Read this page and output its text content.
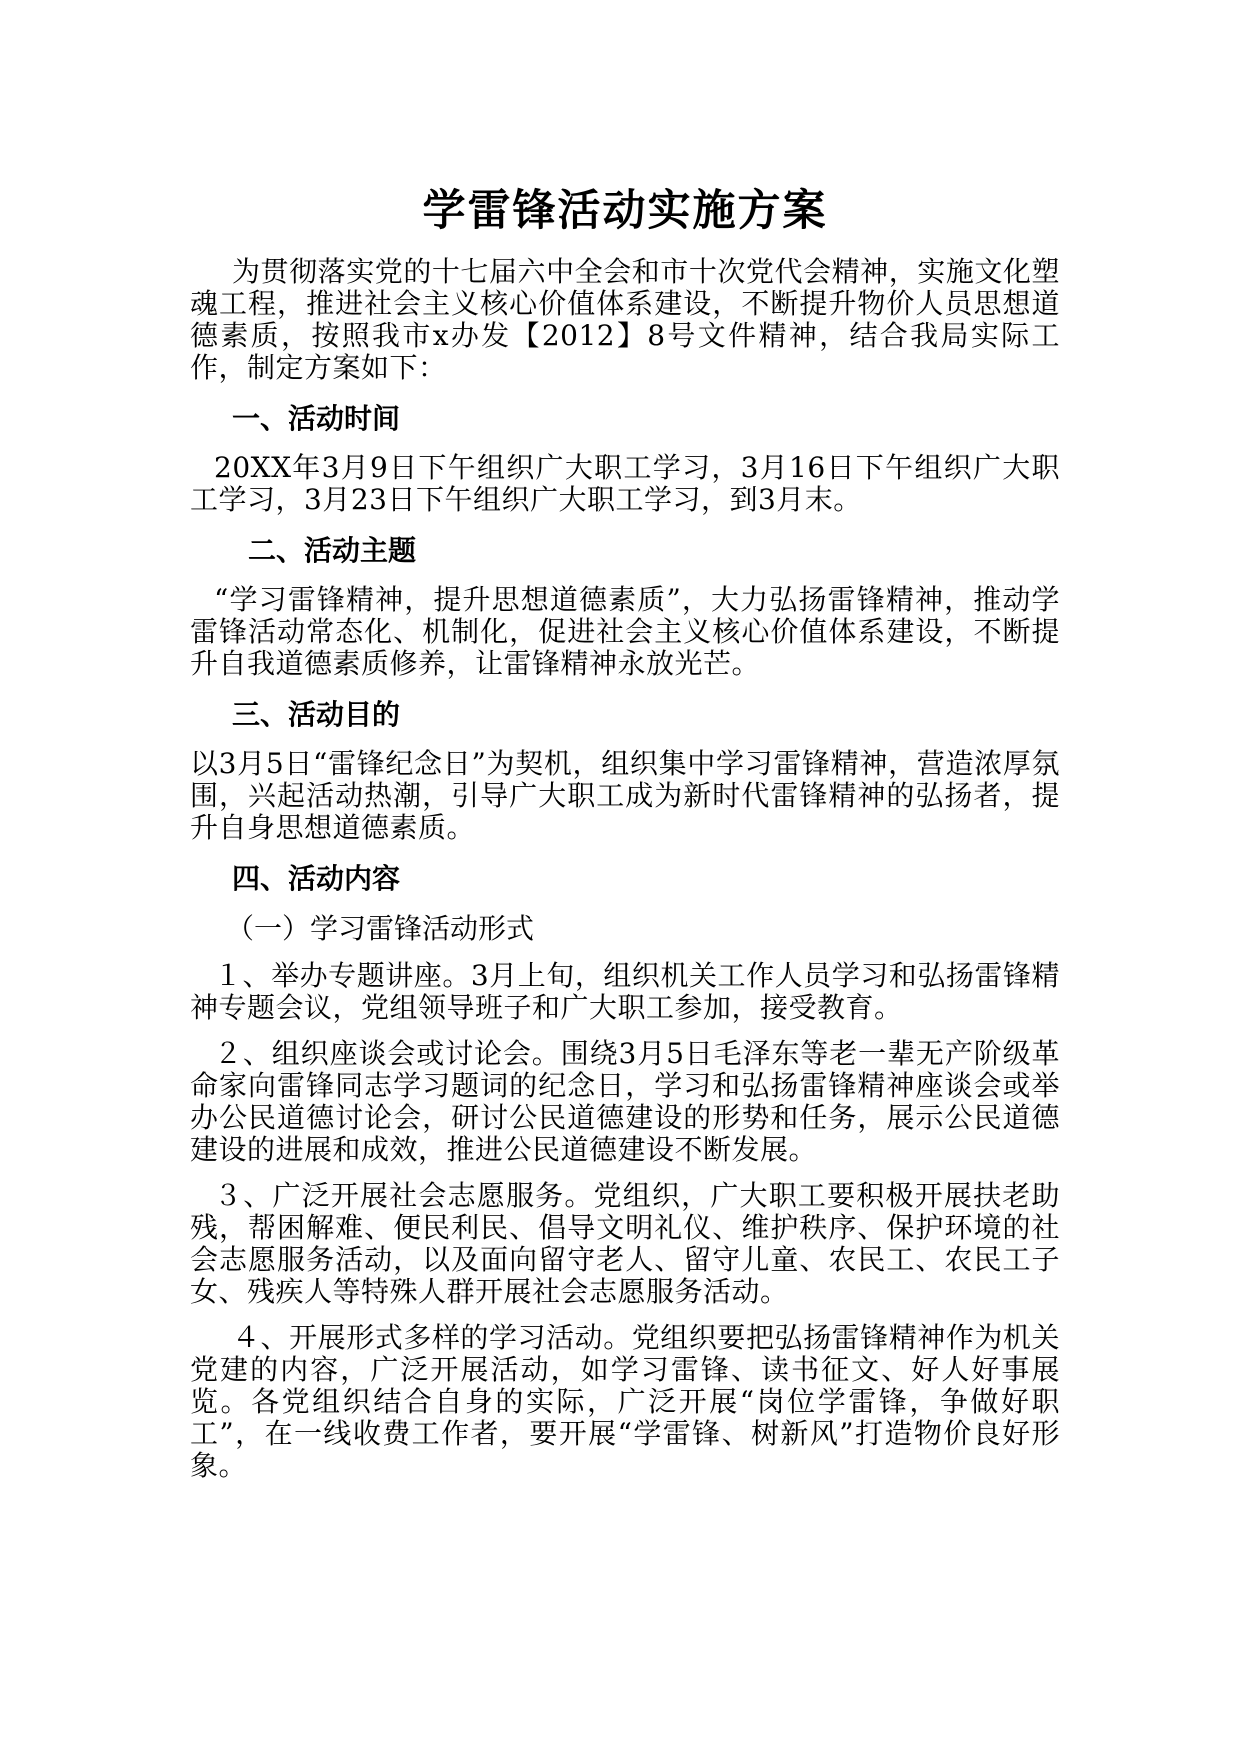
学雷锋活动实施方案

为贯彻落实党的十七届六中全会和市十次党代会精神，实施文化塑魂工程，推进社会主义核心价值体系建设，不断提升物价人员思想道德素质，按照我市x办发【2012】8号文件精神，结合我局实际工作，制定方案如下：

一、活动时间

20XX年3月9日下午组织广大职工学习，3月16日下午组织广大职工学习，3月23日下午组织广大职工学习，到3月末。

二、活动主题

“学习雷锋精神，提升思想道德素质”，大力弘扬雷锋精神，推动学雷锋活动常态化、机制化，促进社会主义核心价值体系建设，不断提升自我道德素质修养，让雷锋精神永放光芒。

三、活动目的

以3月5日“雷锋纪念日”为契机，组织集中学习雷锋精神，营造浓厚氛围，兴起活动热潮，引导广大职工成为新时代雷锋精神的弘扬者，提升自身思想道德素质。

四、活动内容
（一）学习雷锋活动形式

１、举办专题讲座。3月上旬，组织机关工作人员学习和弘扬雷锋精神专题会议，党组领导班子和广大职工参加，接受教育。

２、组织座谈会或讨论会。围绕3月5日毛泽东等老一辈无产阶级革命家向雷锋同志学习题词的纪念日，学习和弘扬雷锋精神座谈会或举办公民道德讨论会，研讨公民道德建设的形势和任务，展示公民道德建设的进展和成效，推进公民道德建设不断发展。

３、广泛开展社会志愿服务。党组织，广大职工要积极开展扶老助残，帮困解难、便民利民、倡导文明礼仪、维护秩序、保护环境的社会志愿服务活动，以及面向留守老人、留守儿童、农民工、农民工子女、残疾人等特殊人群开展社会志愿服务活动。

４、开展形式多样的学习活动。党组织要把弘扬雷锋精神作为机关党建的内容，广泛开展活动，如学习雷锋、读书征文、好人好事展览。各党组织结合自身的实际，广泛开展“岗位学雷锋，争做好职工”，在一线收费工作者，要开展“学雷锋、树新风”打造物价良好形象。
